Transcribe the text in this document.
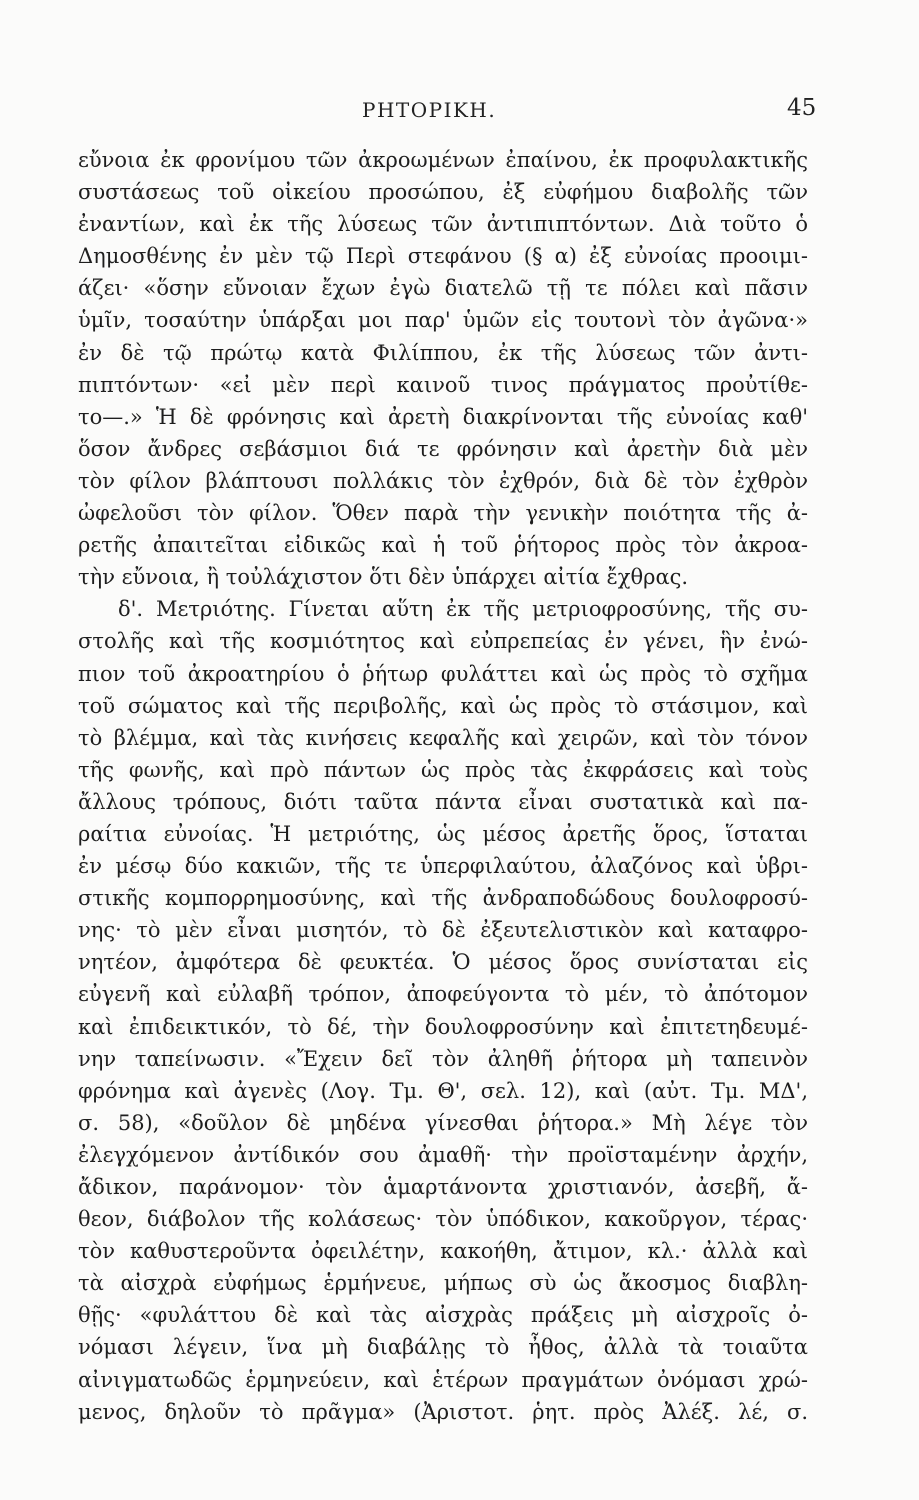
ΡΗΤΟΡΙΚΗ.	45
εὔνοια ἐκ φρονίμου τῶν ἀκροωμένων ἐπαίνου, ἐκ προφυλακτικῆς
συστάσεως τοῦ οἰκείου προσώπου, ἐξ εὐφήμου διαβολῆς τῶν
ἐναντίων, καὶ ἐκ τῆς λύσεως τῶν ἀντιπιπτόντων. Διὰ τοῦτο ὁ
Δημοσθένης ἐν μὲν τῷ Περὶ στεφάνου (§ α) ἐξ εὐνοίας προοιμι-
άζει· «ὅσην εὔνοιαν ἔχων ἐγὼ διατελῶ τῇ τε πόλει καὶ πᾶσιν
ὑμῖν, τοσαύτην ὑπάρξαι μοι παρ' ὑμῶν εἰς τουτονὶ τὸν ἀγῶνα·»
ἐν δὲ τῷ πρώτῳ κατὰ Φιλίππου, ἐκ τῆς λύσεως τῶν ἀντι-
πιπτόντων· «εἰ μὲν περὶ καινοῦ τινος πράγματος προὐτίθε-
το—.» Ἡ δὲ φρόνησις καὶ ἀρετὴ διακρίνονται τῆς εὐνοίας καθ'
ὅσον ἄνδρες σεβάσμιοι διά τε φρόνησιν καὶ ἀρετὴν διὰ μὲν
τὸν φίλον βλάπτουσι πολλάκις τὸν ἐχθρόν, διὰ δὲ τὸν ἐχθρὸν
ὠφελοῦσι τὸν φίλον. Ὅθεν παρὰ τὴν γενικὴν ποιότητα τῆς ἀ-
ρετῆς ἀπαιτεῖται εἰδικῶς καὶ ἡ τοῦ ῥήτορος πρὸς τὸν ἀκροα-
τὴν εὔνοια, ἢ τοὐλάχιστον ὅτι δὲν ὑπάρχει αἰτία ἔχθρας.
δ'. Μετριότης. Γίνεται αὕτη ἐκ τῆς μετριοφροσύνης, τῆς συ-
στολῆς καὶ τῆς κοσμιότητος καὶ εὐπρεπείας ἐν γένει, ἣν ἐνώ-
πιον τοῦ ἀκροατηρίου ὁ ῥήτωρ φυλάττει καὶ ὡς πρὸς τὸ σχῆμα
τοῦ σώματος καὶ τῆς περιβολῆς, καὶ ὡς πρὸς τὸ στάσιμον, καὶ
τὸ βλέμμα, καὶ τὰς κινήσεις κεφαλῆς καὶ χειρῶν, καὶ τὸν τόνον
τῆς φωνῆς, καὶ πρὸ πάντων ὡς πρὸς τὰς ἐκφράσεις καὶ τοὺς
ἄλλους τρόπους, διότι ταῦτα πάντα εἶναι συστατικὰ καὶ πα-
ραίτια εὐνοίας. Ἡ μετριότης, ὡς μέσος ἀρετῆς ὅρος, ἵσταται
ἐν μέσῳ δύο κακιῶν, τῆς τε ὑπερφιλαύτου, ἀλαζόνος καὶ ὑβρι-
στικῆς κομπορρημοσύνης, καὶ τῆς ἀνδραποδώδους δουλοφροσύ-
νης· τὸ μὲν εἶναι μισητόν, τὸ δὲ ἐξευτελιστικὸν καὶ καταφρο-
νητέον, ἀμφότερα δὲ φευκτέα. Ὁ μέσος ὅρος συνίσταται εἰς
εὐγενῆ καὶ εὐλαβῆ τρόπον, ἀποφεύγοντα τὸ μέν, τὸ ἀπότομον
καὶ ἐπιδεικτικόν, τὸ δέ, τὴν δουλοφροσύνην καὶ ἐπιτετηδευμέ-
νην ταπείνωσιν. «Ἔχειν δεῖ τὸν ἀληθῆ ῥήτορα μὴ ταπεινὸν
φρόνημα καὶ ἀγενὲς (Λογ. Τμ. Θ', σελ. 12), καὶ (αὐτ. Τμ. ΜΔ',
σ. 58), «δοῦλον δὲ μηδένα γίνεσθαι ῥήτορα.» Μὴ λέγε τὸν
ἐλεγχόμενον ἀντίδικόν σου ἀμαθῆ· τὴν προϊσταμένην ἀρχήν,
ἄδικον, παράνομον· τὸν ἁμαρτάνοντα χριστιανόν, ἀσεβῆ, ἄ-
θεον, διάβολον τῆς κολάσεως· τὸν ὑπόδικον, κακοῦργον, τέρας·
τὸν καθυστεροῦντα ὀφειλέτην, κακοήθη, ἄτιμον, κλ.· ἀλλὰ καὶ
τὰ αἰσχρὰ εὐφήμως ἑρμήνευε, μήπως σὺ ὡς ἄκοσμος διαβλη-
θῇς· «φυλάττου δὲ καὶ τὰς αἰσχρὰς πράξεις μὴ αἰσχροῖς ὀ-
νόμασι λέγειν, ἵνα μὴ διαβάλῃς τὸ ἦθος, ἀλλὰ τὰ τοιαῦτα
αἰνιγματωδῶς ἑρμηνεύειν, καὶ ἑτέρων πραγμάτων ὀνόμασι χρώ-
μενος, δηλοῦν τὸ πρᾶγμα» (Ἀριστοτ. ῥητ. πρὸς Ἀλέξ. λέ, σ.
